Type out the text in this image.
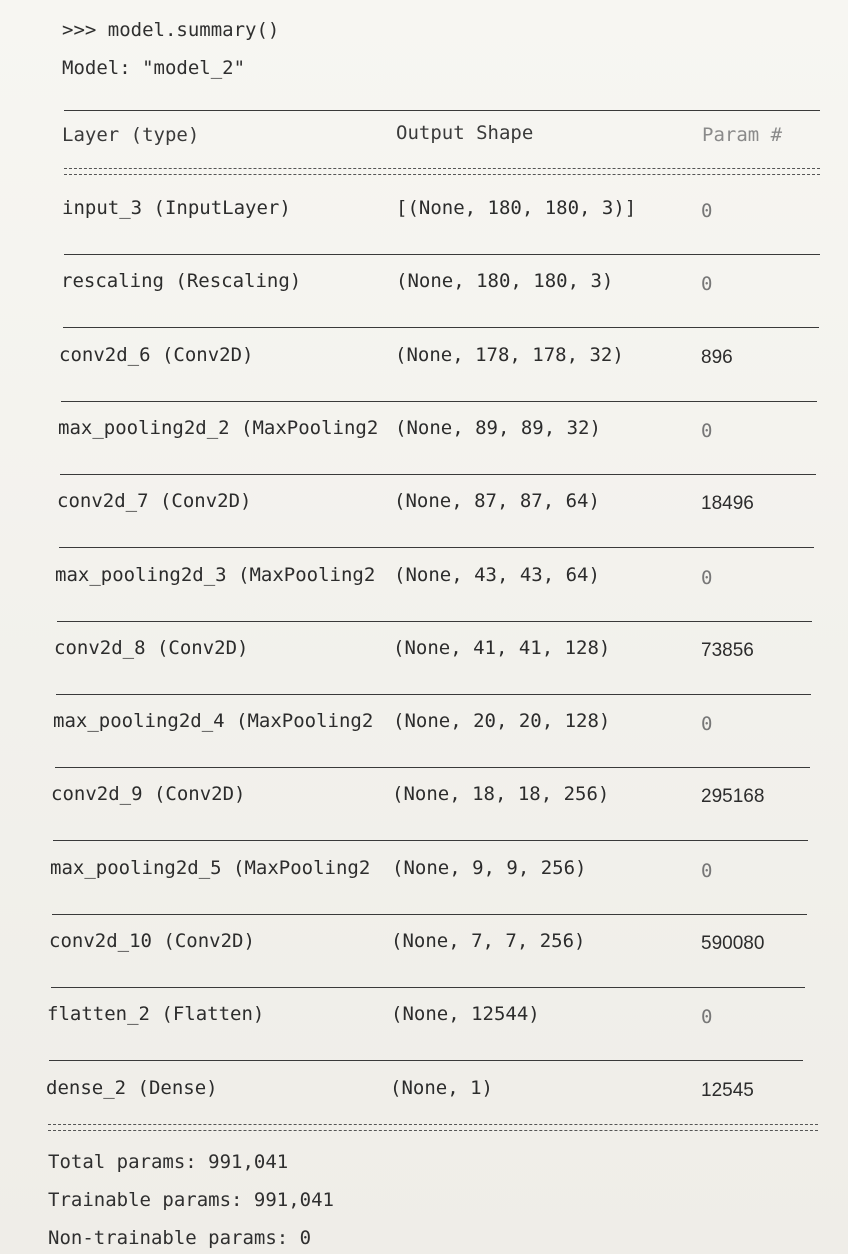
>>> model.summary()
Model: "model_2"
Layer (type)	Output Shape	Param #
input_3 (InputLayer)	[(None, 180, 180, 3)]	0
rescaling (Rescaling)	(None, 180, 180, 3)	0
conv2d_6 (Conv2D)	(None, 178, 178, 32)	896
max_pooling2d_2 (MaxPooling2 (None, 89, 89, 32)	0
conv2d_7 (Conv2D)	(None, 87, 87, 64)	18496
max_pooling2d_3 (MaxPooling2 (None, 43, 43, 64)	0
conv2d_8 (Conv2D)	(None, 41, 41, 128)	73856
max_pooling2d_4 (MaxPooling2 (None, 20, 20, 128)	0
conv2d_9 (Conv2D)	(None, 18, 18, 256)	295168
max_pooling2d_5 (MaxPooling2 (None, 9, 9, 256)	0
conv2d_10 (Conv2D)	(None, 7, 7, 256)	590080
flatten_2 (Flatten)	(None, 12544)	0
dense_2 (Dense)	(None, 1)	12545
Total params: 991,041
Trainable params: 991,041
Non-trainable params: 0
